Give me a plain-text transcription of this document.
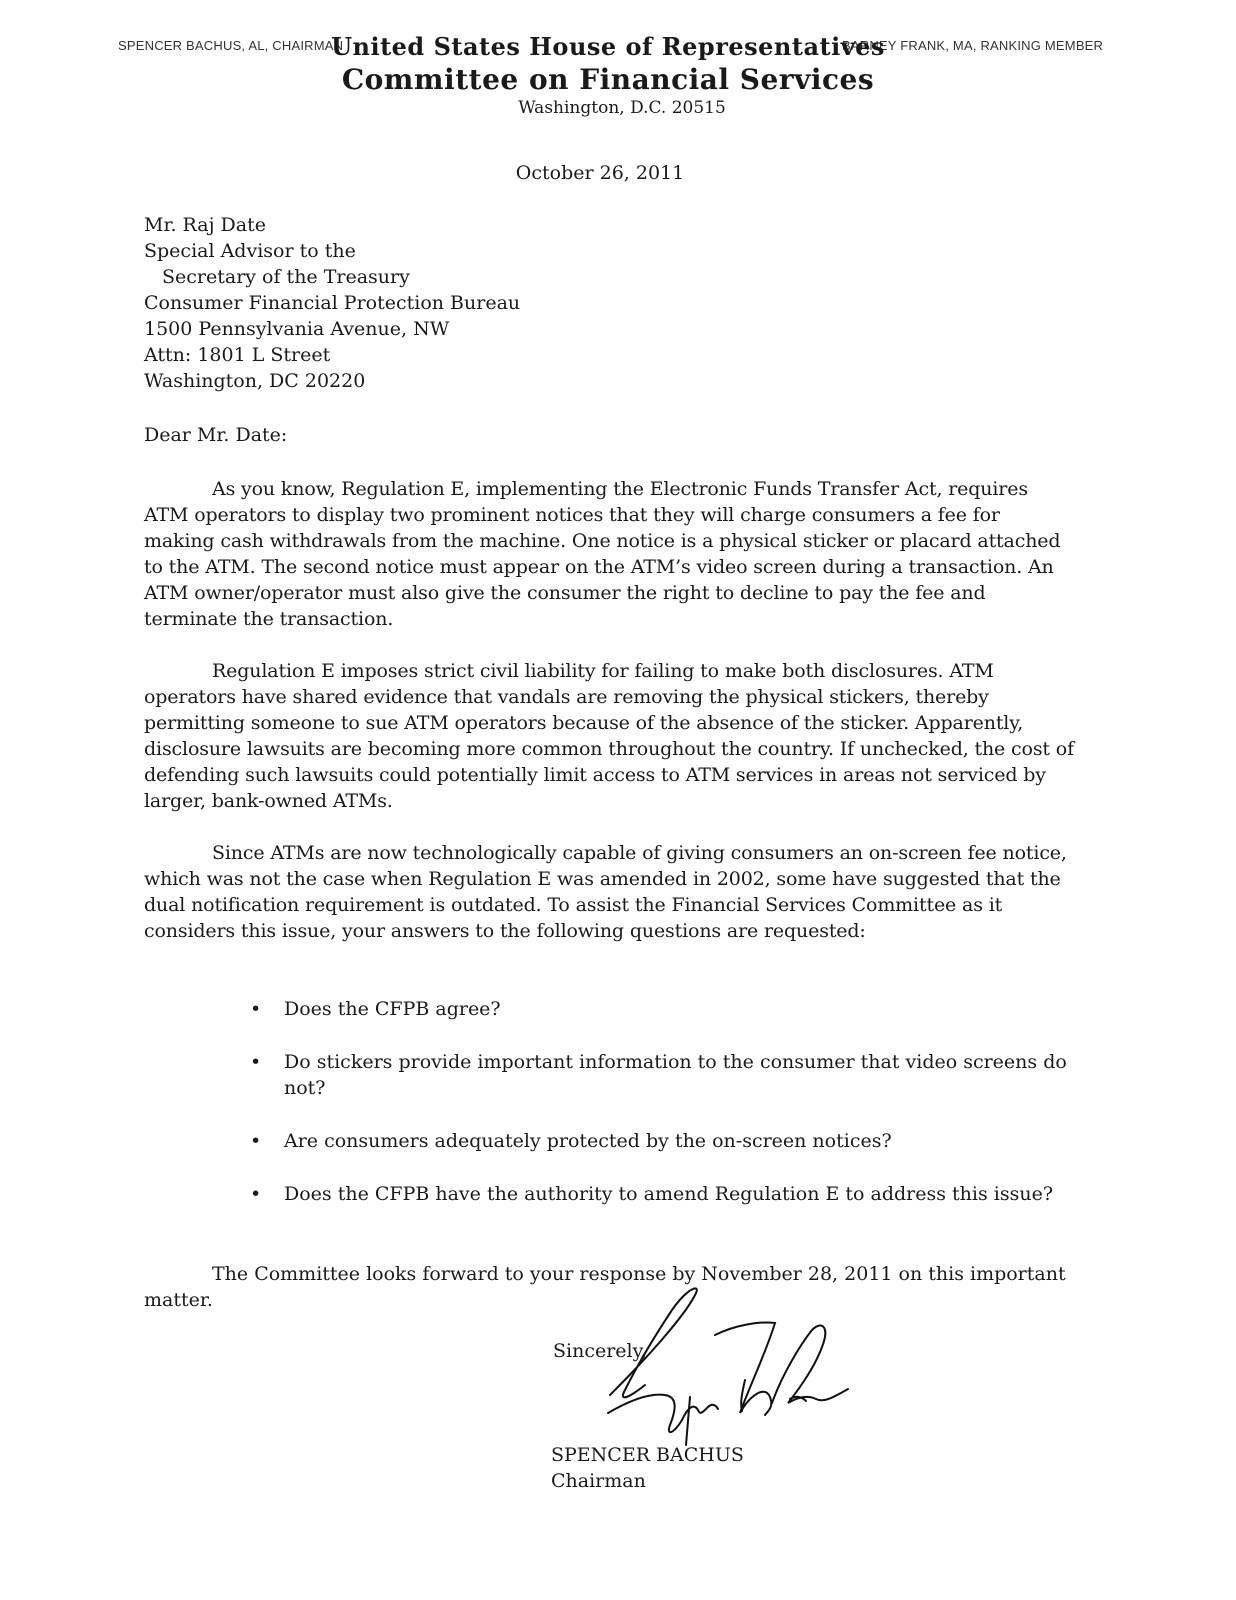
SPENCER BACHUS, AL, CHAIRMAN	BARNEY FRANK, MA, RANKING MEMBER
United States House of Representatives
Committee on Financial Services
Washington, D.C. 20515
October 26, 2011
Mr. Raj Date
Special Advisor to the
Secretary of the Treasury
Consumer Financial Protection Bureau
1500 Pennsylvania Avenue, NW
Attn: 1801 L Street
Washington, DC 20220
Dear Mr. Date:

As you know, Regulation E, implementing the Electronic Funds Transfer Act, requires ATM operators to display two prominent notices that they will charge consumers a fee for making cash withdrawals from the machine. One notice is a physical sticker or placard attached to the ATM. The second notice must appear on the ATM’s video screen during a transaction. An ATM owner/operator must also give the consumer the right to decline to pay the fee and terminate the transaction.

Regulation E imposes strict civil liability for failing to make both disclosures. ATM operators have shared evidence that vandals are removing the physical stickers, thereby permitting someone to sue ATM operators because of the absence of the sticker. Apparently, disclosure lawsuits are becoming more common throughout the country. If unchecked, the cost of defending such lawsuits could potentially limit access to ATM services in areas not serviced by larger, bank-owned ATMs.

Since ATMs are now technologically capable of giving consumers an on-screen fee notice, which was not the case when Regulation E was amended in 2002, some have suggested that the dual notification requirement is outdated. To assist the Financial Services Committee as it considers this issue, your answers to the following questions are requested:

• Does the CFPB agree?
• Do stickers provide important information to the consumer that video screens do not?
• Are consumers adequately protected by the on-screen notices?
• Does the CFPB have the authority to amend Regulation E to address this issue?

The Committee looks forward to your response by November 28, 2011 on this important matter.

Sincerely,
SPENCER BACHUS
Chairman
